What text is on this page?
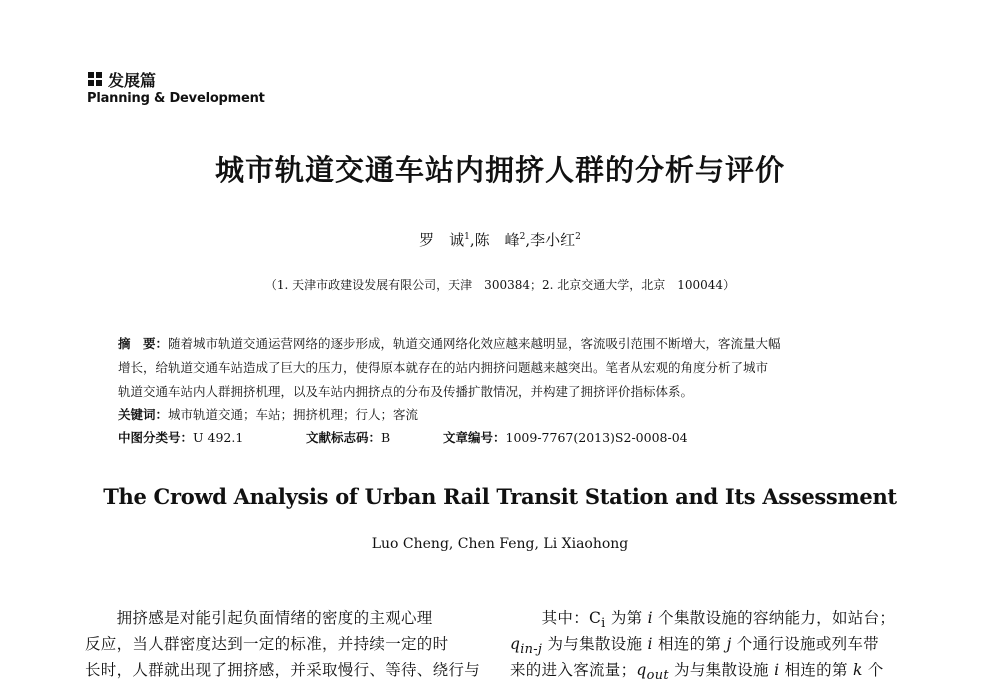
发展篇
Planning & Development
城市轨道交通车站内拥挤人群的分析与评价
罗　诚$^1$,陈　峰$^2$,李小红$^2$
（1. 天津市政建设发展有限公司，天津　300384；2. 北京交通大学，北京　100044）
摘　要：随着城市轨道交通运营网络的逐步形成，轨道交通网络化效应越来越明显，客流吸引范围不断增大，客流量大幅
增长，给轨道交通车站造成了巨大的压力，使得原本就存在的站内拥挤问题越来越突出。笔者从宏观的角度分析了城市
轨道交通车站内人群拥挤机理，以及车站内拥挤点的分布及传播扩散情况，并构建了拥挤评价指标体系。
关键词：城市轨道交通；车站；拥挤机理；行人；客流
中图分类号：U 492.1	文献标志码：B	文章编号：1009-7767(2013)S2-0008-04
The Crowd Analysis of Urban Rail Transit Station and Its Assessment
Luo Cheng, Chen Feng, Li Xiaohong
　　拥挤感是对能引起负面情绪的密度的主观心理
反应，当人群密度达到一定的标准，并持续一定的时
长时，人群就出现了拥挤感，并采取慢行、等待、绕行与
　　其中：$C_i$ 为第 i 个集散设施的容纳能力，如站台；
$q_{in-j}$ 为与集散设施 i 相连的第 j 个通行设施或列车带
来的进入客流量；$q_{out}$ 为与集散设施 i 相连的第 k 个
